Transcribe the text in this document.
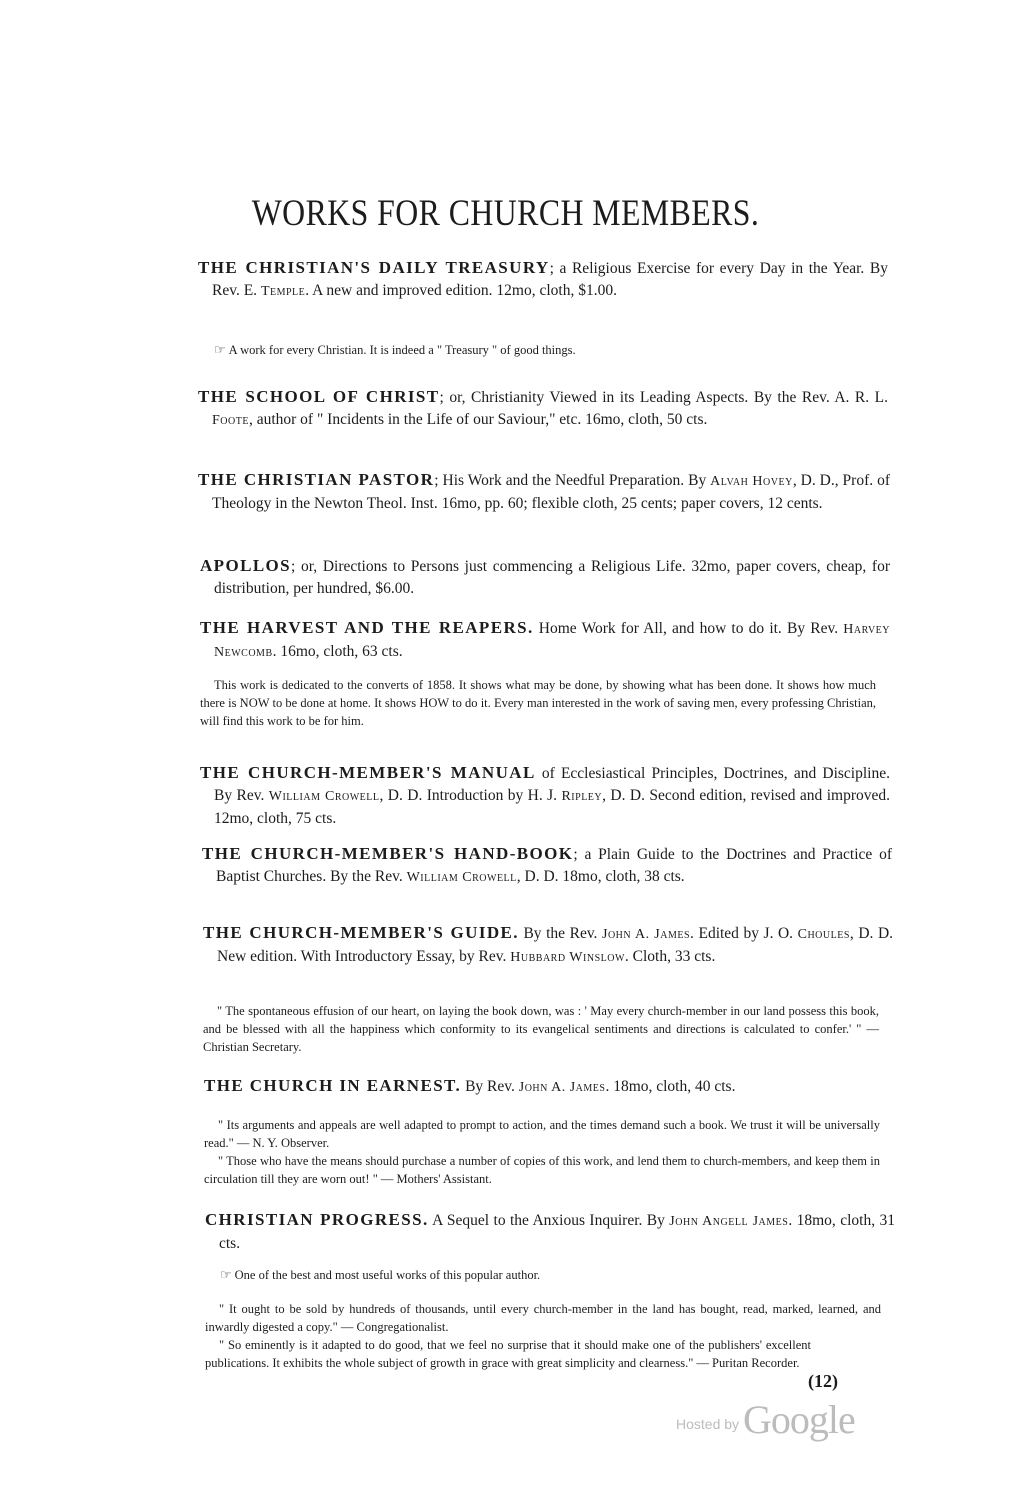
WORKS FOR CHURCH MEMBERS.
THE CHRISTIAN'S DAILY TREASURY; a Religious Exercise for every Day in the Year. By Rev. E. Temple. A new and improved edition. 12mo, cloth, $1.00.
☞ A work for every Christian. It is indeed a " Treasury " of good things.
THE SCHOOL OF CHRIST; or, Christianity Viewed in its Leading Aspects. By the Rev. A. R. L. Foote, author of " Incidents in the Life of our Saviour," etc. 16mo, cloth, 50 cts.
THE CHRISTIAN PASTOR; His Work and the Needful Preparation. By Alvah Hovey, D. D., Prof. of Theology in the Newton Theol. Inst. 16mo, pp. 60; flexible cloth, 25 cents; paper covers, 12 cents.
APOLLOS; or, Directions to Persons just commencing a Religious Life. 32mo, paper covers, cheap, for distribution, per hundred, $6.00.
THE HARVEST AND THE REAPERS. Home Work for All, and how to do it. By Rev. Harvey Newcomb. 16mo, cloth, 63 cts.

This work is dedicated to the converts of 1858. It shows what may be done, by showing what has been done. It shows how much there is NOW to be done at home. It shows HOW to do it. Every man interested in the work of saving men, every professing Christian, will find this work to be for him.

THE CHURCH-MEMBER'S MANUAL of Ecclesiastical Principles, Doctrines, and Discipline. By Rev. William Crowell, D. D. Introduction by H. J. Ripley, D. D. Second edition, revised and improved. 12mo, cloth, 75 cts.
THE CHURCH-MEMBER'S HAND-BOOK; a Plain Guide to the Doctrines and Practice of Baptist Churches. By the Rev. William Crowell, D. D. 18mo, cloth, 38 cts.
THE CHURCH-MEMBER'S GUIDE. By the Rev. John A. James. Edited by J. O. Choules, D. D. New edition. With Introductory Essay, by Rev. Hubbard Winslow. Cloth, 33 cts.

" The spontaneous effusion of our heart, on laying the book down, was : ' May every church-member in our land possess this book, and be blessed with all the happiness which conformity to its evangelical sentiments and directions is calculated to confer.' " — Christian Secretary.

THE CHURCH IN EARNEST. By Rev. John A. James. 18mo, cloth, 40 cts.

" Its arguments and appeals are well adapted to prompt to action, and the times demand such a book. We trust it will be universally read." — N. Y. Observer.

" Those who have the means should purchase a number of copies of this work, and lend them to church-members, and keep them in circulation till they are worn out! " — Mothers' Assistant.

CHRISTIAN PROGRESS. A Sequel to the Anxious Inquirer. By John Angell James. 18mo, cloth, 31 cts.
☞ One of the best and most useful works of this popular author.

" It ought to be sold by hundreds of thousands, until every church-member in the land has bought, read, marked, learned, and inwardly digested a copy." — Congregationalist.

" So eminently is it adapted to do good, that we feel no surprise that it should make one of the publishers' excellent publications. It exhibits the whole subject of growth in grace with great simplicity and clearness." — Puritan Recorder.

(12)
Hosted by Google
